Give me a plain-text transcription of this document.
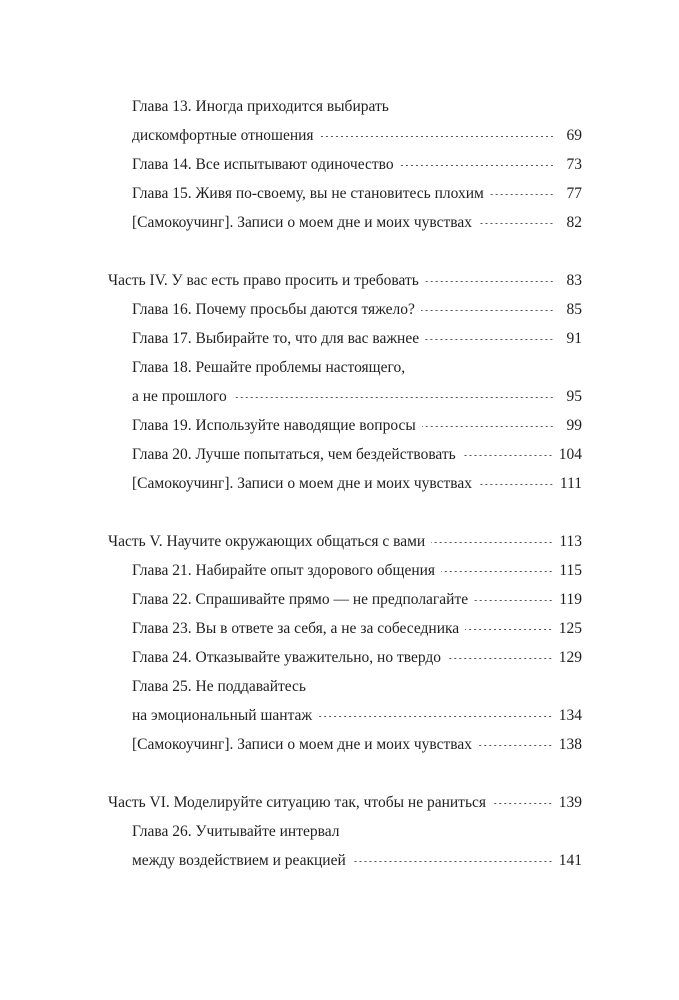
Глава 13. Иногда приходится выбирать
дискомфортные отношения	69
Глава 14. Все испытывают одиночество	73
Глава 15. Живя по-своему, вы не становитесь плохим	77
[Самокоучинг]. Записи о моем дне и моих чувствах	82
Часть IV. У вас есть право просить и требовать	83
Глава 16. Почему просьбы даются тяжело?	85
Глава 17. Выбирайте то, что для вас важнее	91
Глава 18. Решайте проблемы настоящего,
а не прошлого	95
Глава 19. Используйте наводящие вопросы	99
Глава 20. Лучше попытаться, чем бездействовать	104
[Самокоучинг]. Записи о моем дне и моих чувствах	111
Часть V. Научите окружающих общаться с вами	113
Глава 21. Набирайте опыт здорового общения	115
Глава 22. Спрашивайте прямо — не предполагайте	119
Глава 23. Вы в ответе за себя, а не за собеседника	125
Глава 24. Отказывайте уважительно, но твердо	129
Глава 25. Не поддавайтесь
на эмоциональный шантаж	134
[Самокоучинг]. Записи о моем дне и моих чувствах	138
Часть VI. Моделируйте ситуацию так, чтобы не раниться	139
Глава 26. Учитывайте интервал
между воздействием и реакцией	141
